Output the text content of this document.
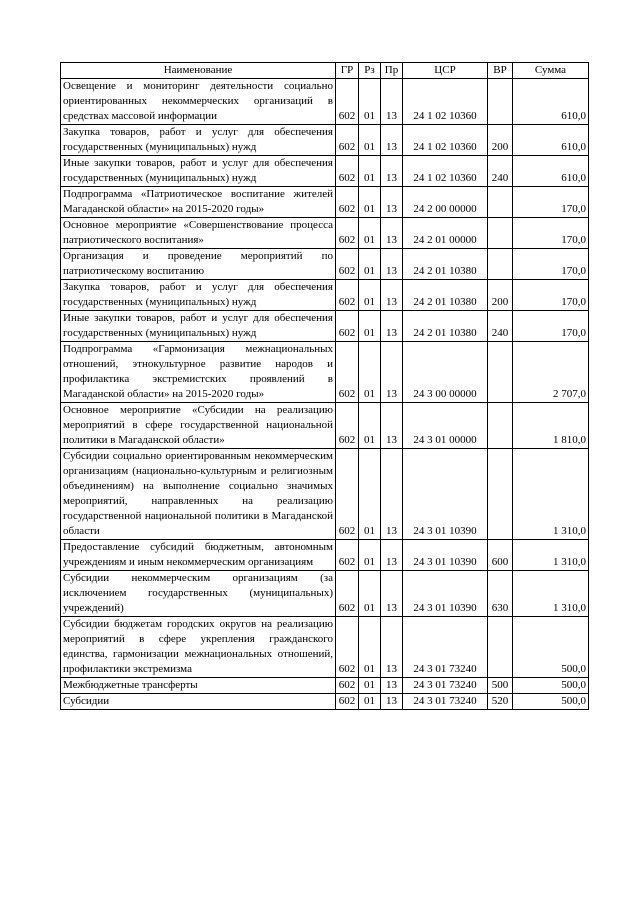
Наименование	ГР	Рз	Пр	ЦСР	ВР	Сумма
Освещение и мониторинг деятельности социально ориентированных некоммерческих организаций в средствах массовой информации	602	01	13	24 1 02 10360		610,0
Закупка товаров, работ и услуг для обеспечения государственных (муниципальных) нужд	602	01	13	24 1 02 10360	200	610,0
Иные закупки товаров, работ и услуг для обеспечения государственных (муниципальных) нужд	602	01	13	24 1 02 10360	240	610,0
Подпрограмма «Патриотическое воспитание жителей Магаданской области» на 2015-2020 годы»	602	01	13	24 2 00 00000		170,0
Основное мероприятие «Совершенствование процесса патриотического воспитания»	602	01	13	24 2 01 00000		170,0
Организация и проведение мероприятий по патриотическому воспитанию	602	01	13	24 2 01 10380		170,0
Закупка товаров, работ и услуг для обеспечения государственных (муниципальных) нужд	602	01	13	24 2 01 10380	200	170,0
Иные закупки товаров, работ и услуг для обеспечения государственных (муниципальных) нужд	602	01	13	24 2 01 10380	240	170,0
Подпрограмма «Гармонизация межнациональных отношений, этнокультурное развитие народов и профилактика экстремистских проявлений в Магаданской области» на 2015-2020 годы»	602	01	13	24 3 00 00000		2 707,0
Основное мероприятие «Субсидии на реализацию мероприятий в сфере государственной национальной политики в Магаданской области»	602	01	13	24 3 01 00000		1 810,0
Субсидии социально ориентированным некоммерческим организациям (национально-культурным и религиозным объединениям) на выполнение социально значимых мероприятий, направленных на реализацию государственной национальной политики в Магаданской области	602	01	13	24 3 01 10390		1 310,0
Предоставление субсидий бюджетным, автономным учреждениям и иным некоммерческим организациям	602	01	13	24 3 01 10390	600	1 310,0
Субсидии некоммерческим организациям (за исключением государственных (муниципальных) учреждений)	602	01	13	24 3 01 10390	630	1 310,0
Субсидии бюджетам городских округов на реализацию мероприятий в сфере укрепления гражданского единства, гармонизации межнациональных отношений, профилактики экстремизма	602	01	13	24 3 01 73240		500,0
Межбюджетные трансферты	602	01	13	24 3 01 73240	500	500,0
Субсидии	602	01	13	24 3 01 73240	520	500,0
